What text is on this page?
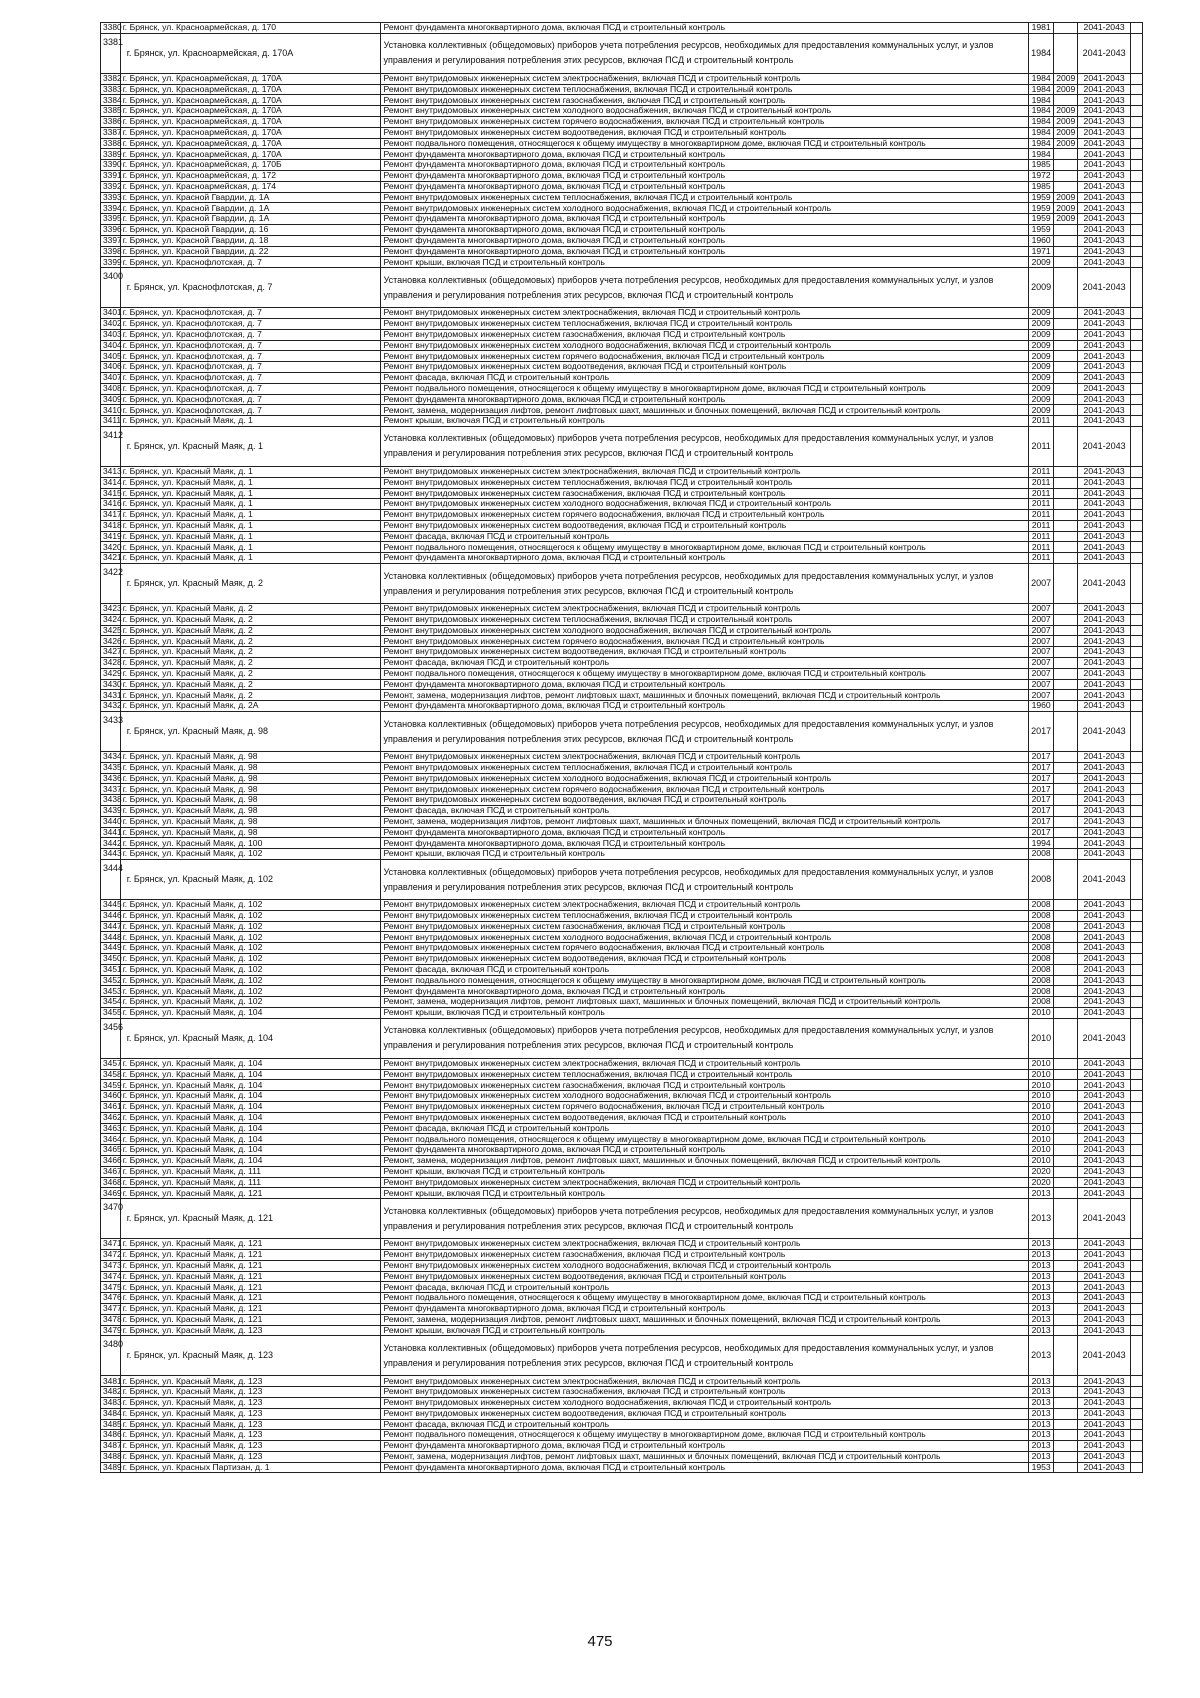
3380	г. Брянск, ул. Красноармейская, д. 170	Ремонт фундамента многоквартирного дома, включая ПСД и строительный контроль	1981		2041-2043	
3381	г. Брянск, ул. Красноармейская, д. 170А	Установка коллективных (общедомовых) приборов учета потребления ресурсов, необходимых для предоставления коммунальных услуг, и узлов управления и регулирования потребления этих ресурсов, включая ПСД и строительный контроль	1984		2041-2043	
3382	г. Брянск, ул. Красноармейская, д. 170А	Ремонт внутридомовых инженерных систем электроснабжения, включая ПСД и строительный контроль	1984	2009	2041-2043	
3383	г. Брянск, ул. Красноармейская, д. 170А	Ремонт внутридомовых инженерных систем теплоснабжения, включая ПСД и строительный контроль	1984	2009	2041-2043	
3384	г. Брянск, ул. Красноармейская, д. 170А	Ремонт внутридомовых инженерных систем газоснабжения, включая ПСД и строительный контроль	1984		2041-2043	
3385	г. Брянск, ул. Красноармейская, д. 170А	Ремонт внутридомовых инженерных систем холодного водоснабжения, включая ПСД и строительный контроль	1984	2009	2041-2043	
3386	г. Брянск, ул. Красноармейская, д. 170А	Ремонт внутридомовых инженерных систем горячего водоснабжения, включая ПСД и строительный контроль	1984	2009	2041-2043	
3387	г. Брянск, ул. Красноармейская, д. 170А	Ремонт внутридомовых инженерных систем водоотведения, включая ПСД и строительный контроль	1984	2009	2041-2043	
3388	г. Брянск, ул. Красноармейская, д. 170А	Ремонт подвального помещения, относящегося к общему имуществу в многоквартирном доме, включая ПСД и строительный контроль	1984	2009	2041-2043	
3389	г. Брянск, ул. Красноармейская, д. 170А	Ремонт фундамента многоквартирного дома, включая ПСД и строительный контроль	1984		2041-2043	
3390	г. Брянск, ул. Красноармейская, д. 170Б	Ремонт фундамента многоквартирного дома, включая ПСД и строительный контроль	1985		2041-2043	
3391	г. Брянск, ул. Красноармейская, д. 172	Ремонт фундамента многоквартирного дома, включая ПСД и строительный контроль	1972		2041-2043	
3392	г. Брянск, ул. Красноармейская, д. 174	Ремонт фундамента многоквартирного дома, включая ПСД и строительный контроль	1985		2041-2043	
3393	г. Брянск, ул. Красной Гвардии, д. 1А	Ремонт внутридомовых инженерных систем теплоснабжения, включая ПСД и строительный контроль	1959	2009	2041-2043	
3394	г. Брянск, ул. Красной Гвардии, д. 1А	Ремонт внутридомовых инженерных систем холодного водоснабжения, включая ПСД и строительный контроль	1959	2009	2041-2043	
3395	г. Брянск, ул. Красной Гвардии, д. 1А	Ремонт фундамента многоквартирного дома, включая ПСД и строительный контроль	1959	2009	2041-2043	
3396	г. Брянск, ул. Красной Гвардии, д. 16	Ремонт фундамента многоквартирного дома, включая ПСД и строительный контроль	1959		2041-2043	
3397	г. Брянск, ул. Красной Гвардии, д. 18	Ремонт фундамента многоквартирного дома, включая ПСД и строительный контроль	1960		2041-2043	
3398	г. Брянск, ул. Красной Гвардии, д. 22	Ремонт фундамента многоквартирного дома, включая ПСД и строительный контроль	1971		2041-2043	
3399	г. Брянск, ул. Краснофлотская, д. 7	Ремонт крыши, включая ПСД и строительный контроль	2009		2041-2043	
3400	г. Брянск, ул. Краснофлотская, д. 7	Установка коллективных (общедомовых) приборов учета потребления ресурсов, необходимых для предоставления коммунальных услуг, и узлов управления и регулирования потребления этих ресурсов, включая ПСД и строительный контроль	2009		2041-2043	
3401	г. Брянск, ул. Краснофлотская, д. 7	Ремонт внутридомовых инженерных систем электроснабжения, включая ПСД и строительный контроль	2009		2041-2043	
3402	г. Брянск, ул. Краснофлотская, д. 7	Ремонт внутридомовых инженерных систем теплоснабжения, включая ПСД и строительный контроль	2009		2041-2043	
3403	г. Брянск, ул. Краснофлотская, д. 7	Ремонт внутридомовых инженерных систем газоснабжения, включая ПСД и строительный контроль	2009		2041-2043	
3404	г. Брянск, ул. Краснофлотская, д. 7	Ремонт внутридомовых инженерных систем холодного водоснабжения, включая ПСД и строительный контроль	2009		2041-2043	
3405	г. Брянск, ул. Краснофлотская, д. 7	Ремонт внутридомовых инженерных систем горячего водоснабжения, включая ПСД и строительный контроль	2009		2041-2043	
3406	г. Брянск, ул. Краснофлотская, д. 7	Ремонт внутридомовых инженерных систем водоотведения, включая ПСД и строительный контроль	2009		2041-2043	
3407	г. Брянск, ул. Краснофлотская, д. 7	Ремонт фасада, включая ПСД и строительный контроль	2009		2041-2043	
3408	г. Брянск, ул. Краснофлотская, д. 7	Ремонт подвального помещения, относящегося к общему имуществу в многоквартирном доме, включая ПСД и строительный контроль	2009		2041-2043	
3409	г. Брянск, ул. Краснофлотская, д. 7	Ремонт фундамента многоквартирного дома, включая ПСД и строительный контроль	2009		2041-2043	
3410	г. Брянск, ул. Краснофлотская, д. 7	Ремонт, замена, модернизация лифтов, ремонт лифтовых шахт, машинных и блочных помещений, включая ПСД и строительный контроль	2009		2041-2043	
3411	г. Брянск, ул. Красный Маяк, д. 1	Ремонт крыши, включая ПСД и строительный контроль	2011		2041-2043	
3412	г. Брянск, ул. Красный Маяк, д. 1	Установка коллективных (общедомовых) приборов учета потребления ресурсов, необходимых для предоставления коммунальных услуг, и узлов управления и регулирования потребления этих ресурсов, включая ПСД и строительный контроль	2011		2041-2043	
3413	г. Брянск, ул. Красный Маяк, д. 1	Ремонт внутридомовых инженерных систем электроснабжения, включая ПСД и строительный контроль	2011		2041-2043	
3414	г. Брянск, ул. Красный Маяк, д. 1	Ремонт внутридомовых инженерных систем теплоснабжения, включая ПСД и строительный контроль	2011		2041-2043	
3415	г. Брянск, ул. Красный Маяк, д. 1	Ремонт внутридомовых инженерных систем газоснабжения, включая ПСД и строительный контроль	2011		2041-2043	
3416	г. Брянск, ул. Красный Маяк, д. 1	Ремонт внутридомовых инженерных систем холодного водоснабжения, включая ПСД и строительный контроль	2011		2041-2043	
3417	г. Брянск, ул. Красный Маяк, д. 1	Ремонт внутридомовых инженерных систем горячего водоснабжения, включая ПСД и строительный контроль	2011		2041-2043	
3418	г. Брянск, ул. Красный Маяк, д. 1	Ремонт внутридомовых инженерных систем водоотведения, включая ПСД и строительный контроль	2011		2041-2043	
3419	г. Брянск, ул. Красный Маяк, д. 1	Ремонт фасада, включая ПСД и строительный контроль	2011		2041-2043	
3420	г. Брянск, ул. Красный Маяк, д. 1	Ремонт подвального помещения, относящегося к общему имуществу в многоквартирном доме, включая ПСД и строительный контроль	2011		2041-2043	
3421	г. Брянск, ул. Красный Маяк, д. 1	Ремонт фундамента многоквартирного дома, включая ПСД и строительный контроль	2011		2041-2043	
3422	г. Брянск, ул. Красный Маяк, д. 2	Установка коллективных (общедомовых) приборов учета потребления ресурсов, необходимых для предоставления коммунальных услуг, и узлов управления и регулирования потребления этих ресурсов, включая ПСД и строительный контроль	2007		2041-2043	
3423	г. Брянск, ул. Красный Маяк, д. 2	Ремонт внутридомовых инженерных систем электроснабжения, включая ПСД и строительный контроль	2007		2041-2043	
3424	г. Брянск, ул. Красный Маяк, д. 2	Ремонт внутридомовых инженерных систем теплоснабжения, включая ПСД и строительный контроль	2007		2041-2043	
3425	г. Брянск, ул. Красный Маяк, д. 2	Ремонт внутридомовых инженерных систем холодного водоснабжения, включая ПСД и строительный контроль	2007		2041-2043	
3426	г. Брянск, ул. Красный Маяк, д. 2	Ремонт внутридомовых инженерных систем горячего водоснабжения, включая ПСД и строительный контроль	2007		2041-2043	
3427	г. Брянск, ул. Красный Маяк, д. 2	Ремонт внутридомовых инженерных систем водоотведения, включая ПСД и строительный контроль	2007		2041-2043	
3428	г. Брянск, ул. Красный Маяк, д. 2	Ремонт фасада, включая ПСД и строительный контроль	2007		2041-2043	
3429	г. Брянск, ул. Красный Маяк, д. 2	Ремонт подвального помещения, относящегося к общему имуществу в многоквартирном доме, включая ПСД и строительный контроль	2007		2041-2043	
3430	г. Брянск, ул. Красный Маяк, д. 2	Ремонт фундамента многоквартирного дома, включая ПСД и строительный контроль	2007		2041-2043	
3431	г. Брянск, ул. Красный Маяк, д. 2	Ремонт, замена, модернизация лифтов, ремонт лифтовых шахт, машинных и блочных помещений, включая ПСД и строительный контроль	2007		2041-2043	
3432	г. Брянск, ул. Красный Маяк, д. 2А	Ремонт фундамента многоквартирного дома, включая ПСД и строительный контроль	1960		2041-2043	
3433	г. Брянск, ул. Красный Маяк, д. 98	Установка коллективных (общедомовых) приборов учета потребления ресурсов, необходимых для предоставления коммунальных услуг, и узлов управления и регулирования потребления этих ресурсов, включая ПСД и строительный контроль	2017		2041-2043	
3434	г. Брянск, ул. Красный Маяк, д. 98	Ремонт внутридомовых инженерных систем электроснабжения, включая ПСД и строительный контроль	2017		2041-2043	
3435	г. Брянск, ул. Красный Маяк, д. 98	Ремонт внутридомовых инженерных систем теплоснабжения, включая ПСД и строительный контроль	2017		2041-2043	
3436	г. Брянск, ул. Красный Маяк, д. 98	Ремонт внутридомовых инженерных систем холодного водоснабжения, включая ПСД и строительный контроль	2017		2041-2043	
3437	г. Брянск, ул. Красный Маяк, д. 98	Ремонт внутридомовых инженерных систем горячего водоснабжения, включая ПСД и строительный контроль	2017		2041-2043	
3438	г. Брянск, ул. Красный Маяк, д. 98	Ремонт внутридомовых инженерных систем водоотведения, включая ПСД и строительный контроль	2017		2041-2043	
3439	г. Брянск, ул. Красный Маяк, д. 98	Ремонт фасада, включая ПСД и строительный контроль	2017		2041-2043	
3440	г. Брянск, ул. Красный Маяк, д. 98	Ремонт, замена, модернизация лифтов, ремонт лифтовых шахт, машинных и блочных помещений, включая ПСД и строительный контроль	2017		2041-2043	
3441	г. Брянск, ул. Красный Маяк, д. 98	Ремонт фундамента многоквартирного дома, включая ПСД и строительный контроль	2017		2041-2043	
3442	г. Брянск, ул. Красный Маяк, д. 100	Ремонт фундамента многоквартирного дома, включая ПСД и строительный контроль	1994		2041-2043	
3443	г. Брянск, ул. Красный Маяк, д. 102	Ремонт крыши, включая ПСД и строительный контроль	2008		2041-2043	
3444	г. Брянск, ул. Красный Маяк, д. 102	Установка коллективных (общедомовых) приборов учета потребления ресурсов, необходимых для предоставления коммунальных услуг, и узлов управления и регулирования потребления этих ресурсов, включая ПСД и строительный контроль	2008		2041-2043	
3445	г. Брянск, ул. Красный Маяк, д. 102	Ремонт внутридомовых инженерных систем электроснабжения, включая ПСД и строительный контроль	2008		2041-2043	
3446	г. Брянск, ул. Красный Маяк, д. 102	Ремонт внутридомовых инженерных систем теплоснабжения, включая ПСД и строительный контроль	2008		2041-2043	
3447	г. Брянск, ул. Красный Маяк, д. 102	Ремонт внутридомовых инженерных систем газоснабжения, включая ПСД и строительный контроль	2008		2041-2043	
3448	г. Брянск, ул. Красный Маяк, д. 102	Ремонт внутридомовых инженерных систем холодного водоснабжения, включая ПСД и строительный контроль	2008		2041-2043	
3449	г. Брянск, ул. Красный Маяк, д. 102	Ремонт внутридомовых инженерных систем горячего водоснабжения, включая ПСД и строительный контроль	2008		2041-2043	
3450	г. Брянск, ул. Красный Маяк, д. 102	Ремонт внутридомовых инженерных систем водоотведения, включая ПСД и строительный контроль	2008		2041-2043	
3451	г. Брянск, ул. Красный Маяк, д. 102	Ремонт фасада, включая ПСД и строительный контроль	2008		2041-2043	
3452	г. Брянск, ул. Красный Маяк, д. 102	Ремонт подвального помещения, относящегося к общему имуществу в многоквартирном доме, включая ПСД и строительный контроль	2008		2041-2043	
3453	г. Брянск, ул. Красный Маяк, д. 102	Ремонт фундамента многоквартирного дома, включая ПСД и строительный контроль	2008		2041-2043	
3454	г. Брянск, ул. Красный Маяк, д. 102	Ремонт, замена, модернизация лифтов, ремонт лифтовых шахт, машинных и блочных помещений, включая ПСД и строительный контроль	2008		2041-2043	
3455	г. Брянск, ул. Красный Маяк, д. 104	Ремонт крыши, включая ПСД и строительный контроль	2010		2041-2043	
3456	г. Брянск, ул. Красный Маяк, д. 104	Установка коллективных (общедомовых) приборов учета потребления ресурсов, необходимых для предоставления коммунальных услуг, и узлов управления и регулирования потребления этих ресурсов, включая ПСД и строительный контроль	2010		2041-2043	
3457	г. Брянск, ул. Красный Маяк, д. 104	Ремонт внутридомовых инженерных систем электроснабжения, включая ПСД и строительный контроль	2010		2041-2043	
3458	г. Брянск, ул. Красный Маяк, д. 104	Ремонт внутридомовых инженерных систем теплоснабжения, включая ПСД и строительный контроль	2010		2041-2043	
3459	г. Брянск, ул. Красный Маяк, д. 104	Ремонт внутридомовых инженерных систем газоснабжения, включая ПСД и строительный контроль	2010		2041-2043	
3460	г. Брянск, ул. Красный Маяк, д. 104	Ремонт внутридомовых инженерных систем холодного водоснабжения, включая ПСД и строительный контроль	2010		2041-2043	
3461	г. Брянск, ул. Красный Маяк, д. 104	Ремонт внутридомовых инженерных систем горячего водоснабжения, включая ПСД и строительный контроль	2010		2041-2043	
3462	г. Брянск, ул. Красный Маяк, д. 104	Ремонт внутридомовых инженерных систем водоотведения, включая ПСД и строительный контроль	2010		2041-2043	
3463	г. Брянск, ул. Красный Маяк, д. 104	Ремонт фасада, включая ПСД и строительный контроль	2010		2041-2043	
3464	г. Брянск, ул. Красный Маяк, д. 104	Ремонт подвального помещения, относящегося к общему имуществу в многоквартирном доме, включая ПСД и строительный контроль	2010		2041-2043	
3465	г. Брянск, ул. Красный Маяк, д. 104	Ремонт фундамента многоквартирного дома, включая ПСД и строительный контроль	2010		2041-2043	
3466	г. Брянск, ул. Красный Маяк, д. 104	Ремонт, замена, модернизация лифтов, ремонт лифтовых шахт, машинных и блочных помещений, включая ПСД и строительный контроль	2010		2041-2043	
3467	г. Брянск, ул. Красный Маяк, д. 111	Ремонт крыши, включая ПСД и строительный контроль	2020		2041-2043	
3468	г. Брянск, ул. Красный Маяк, д. 111	Ремонт внутридомовых инженерных систем электроснабжения, включая ПСД и строительный контроль	2020		2041-2043	
3469	г. Брянск, ул. Красный Маяк, д. 121	Ремонт крыши, включая ПСД и строительный контроль	2013		2041-2043	
3470	г. Брянск, ул. Красный Маяк, д. 121	Установка коллективных (общедомовых) приборов учета потребления ресурсов, необходимых для предоставления коммунальных услуг, и узлов управления и регулирования потребления этих ресурсов, включая ПСД и строительный контроль	2013		2041-2043	
3471	г. Брянск, ул. Красный Маяк, д. 121	Ремонт внутридомовых инженерных систем электроснабжения, включая ПСД и строительный контроль	2013		2041-2043	
3472	г. Брянск, ул. Красный Маяк, д. 121	Ремонт внутридомовых инженерных систем газоснабжения, включая ПСД и строительный контроль	2013		2041-2043	
3473	г. Брянск, ул. Красный Маяк, д. 121	Ремонт внутридомовых инженерных систем холодного водоснабжения, включая ПСД и строительный контроль	2013		2041-2043	
3474	г. Брянск, ул. Красный Маяк, д. 121	Ремонт внутридомовых инженерных систем водоотведения, включая ПСД и строительный контроль	2013		2041-2043	
3475	г. Брянск, ул. Красный Маяк, д. 121	Ремонт фасада, включая ПСД и строительный контроль	2013		2041-2043	
3476	г. Брянск, ул. Красный Маяк, д. 121	Ремонт подвального помещения, относящегося к общему имуществу в многоквартирном доме, включая ПСД и строительный контроль	2013		2041-2043	
3477	г. Брянск, ул. Красный Маяк, д. 121	Ремонт фундамента многоквартирного дома, включая ПСД и строительный контроль	2013		2041-2043	
3478	г. Брянск, ул. Красный Маяк, д. 121	Ремонт, замена, модернизация лифтов, ремонт лифтовых шахт, машинных и блочных помещений, включая ПСД и строительный контроль	2013		2041-2043	
3479	г. Брянск, ул. Красный Маяк, д. 123	Ремонт крыши, включая ПСД и строительный контроль	2013		2041-2043	
3480	г. Брянск, ул. Красный Маяк, д. 123	Установка коллективных (общедомовых) приборов учета потребления ресурсов, необходимых для предоставления коммунальных услуг, и узлов управления и регулирования потребления этих ресурсов, включая ПСД и строительный контроль	2013		2041-2043	
3481	г. Брянск, ул. Красный Маяк, д. 123	Ремонт внутридомовых инженерных систем электроснабжения, включая ПСД и строительный контроль	2013		2041-2043	
3482	г. Брянск, ул. Красный Маяк, д. 123	Ремонт внутридомовых инженерных систем газоснабжения, включая ПСД и строительный контроль	2013		2041-2043	
3483	г. Брянск, ул. Красный Маяк, д. 123	Ремонт внутридомовых инженерных систем холодного водоснабжения, включая ПСД и строительный контроль	2013		2041-2043	
3484	г. Брянск, ул. Красный Маяк, д. 123	Ремонт внутридомовых инженерных систем водоотведения, включая ПСД и строительный контроль	2013		2041-2043	
3485	г. Брянск, ул. Красный Маяк, д. 123	Ремонт фасада, включая ПСД и строительный контроль	2013		2041-2043	
3486	г. Брянск, ул. Красный Маяк, д. 123	Ремонт подвального помещения, относящегося к общему имуществу в многоквартирном доме, включая ПСД и строительный контроль	2013		2041-2043	
3487	г. Брянск, ул. Красный Маяк, д. 123	Ремонт фундамента многоквартирного дома, включая ПСД и строительный контроль	2013		2041-2043	
3488	г. Брянск, ул. Красный Маяк, д. 123	Ремонт, замена, модернизация лифтов, ремонт лифтовых шахт, машинных и блочных помещений, включая ПСД и строительный контроль	2013		2041-2043	
3489	г. Брянск, ул. Красных Партизан, д. 1	Ремонт фундамента многоквартирного дома, включая ПСД и строительный контроль	1953		2041-2043	
475
